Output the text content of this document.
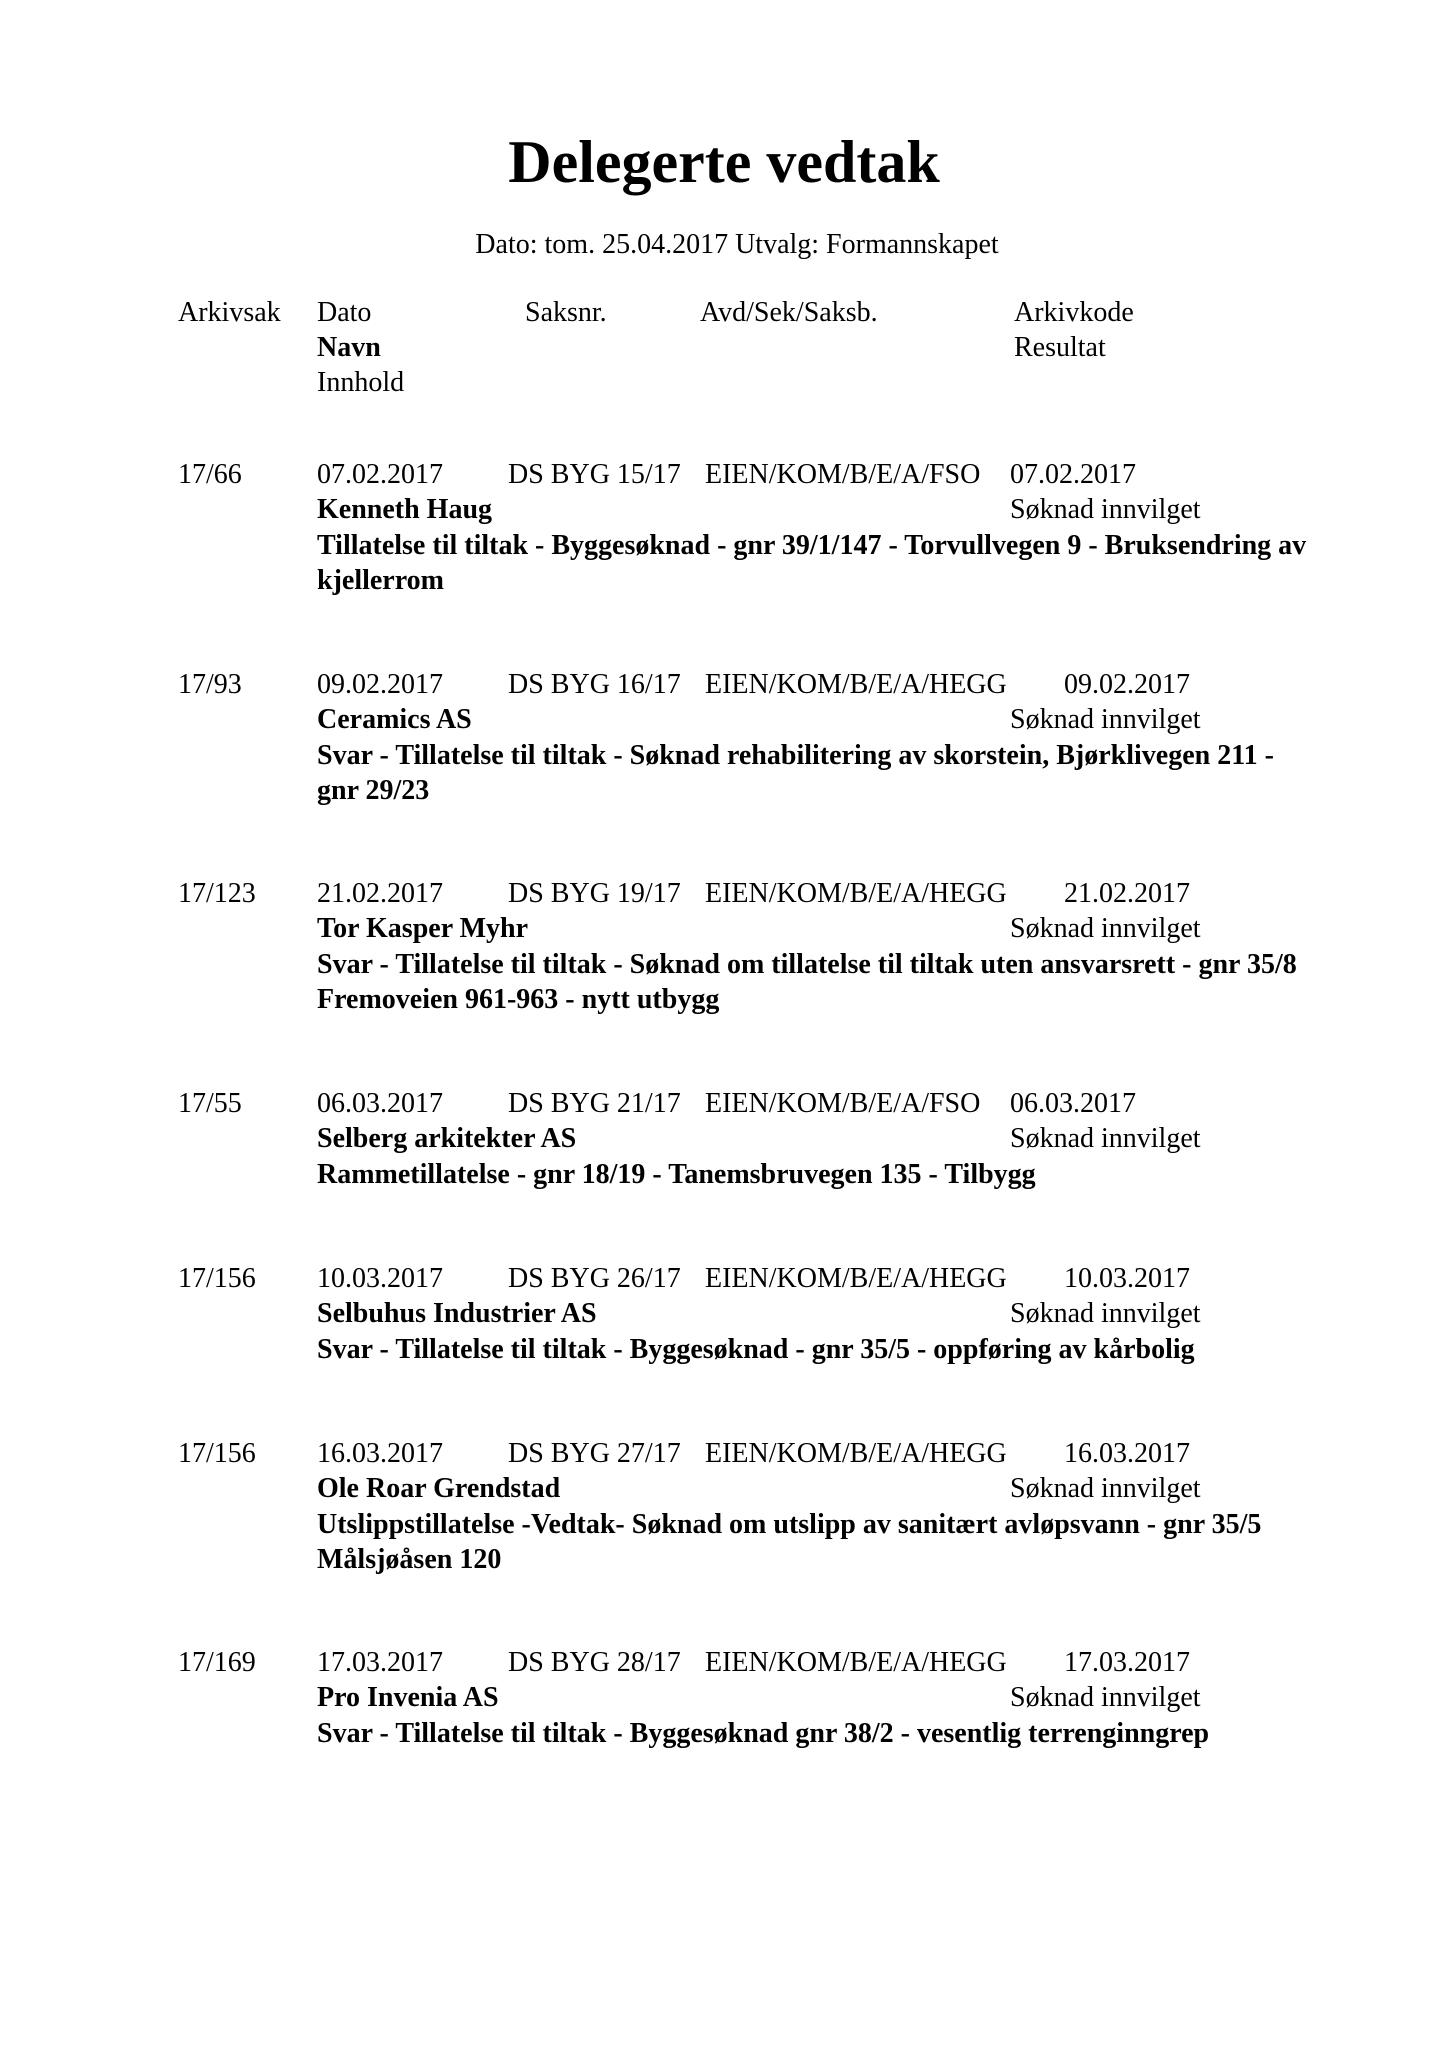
Delegerte vedtak
Dato: tom. 25.04.2017 Utvalg: Formannskapet
Arkivsak Dato	Saksnr.	Avd/Sek/Saksb.	Arkivkode
Navn	Resultat
Innhold
17/66	07.02.2017 DS BYG 15/17 EIEN/KOM/B/E/A/FSO 07.02.2017
Kenneth Haug	Søknad innvilget
Tillatelse til tiltak - Byggesøknad - gnr 39/1/147 - Torvullvegen 9 - Bruksendring av kjellerrom
17/93	09.02.2017 DS BYG 16/17 EIEN/KOM/B/E/A/HEGG 09.02.2017
Ceramics AS	Søknad innvilget
Svar - Tillatelse til tiltak - Søknad rehabilitering av skorstein, Bjørklivegen 211 - gnr 29/23
17/123 21.02.2017 DS BYG 19/17 EIEN/KOM/B/E/A/HEGG 21.02.2017
Tor Kasper Myhr	Søknad innvilget
Svar - Tillatelse til tiltak - Søknad om tillatelse til tiltak uten ansvarsrett - gnr 35/8 Fremoveien 961-963 - nytt utbygg
17/55	06.03.2017 DS BYG 21/17 EIEN/KOM/B/E/A/FSO 06.03.2017
Selberg arkitekter AS	Søknad innvilget
Rammetillatelse - gnr 18/19 - Tanemsbruvegen 135 - Tilbygg
17/156 10.03.2017 DS BYG 26/17 EIEN/KOM/B/E/A/HEGG 10.03.2017
Selbuhus Industrier AS	Søknad innvilget
Svar - Tillatelse til tiltak - Byggesøknad - gnr 35/5 - oppføring av kårbolig
17/156 16.03.2017 DS BYG 27/17 EIEN/KOM/B/E/A/HEGG 16.03.2017
Ole Roar Grendstad	Søknad innvilget
Utslippstillatelse -Vedtak- Søknad om utslipp av sanitært avløpsvann - gnr 35/5 Målsjøåsen 120
17/169 17.03.2017 DS BYG 28/17 EIEN/KOM/B/E/A/HEGG 17.03.2017
Pro Invenia AS	Søknad innvilget
Svar - Tillatelse til tiltak - Byggesøknad gnr 38/2 - vesentlig terrenginngrep
